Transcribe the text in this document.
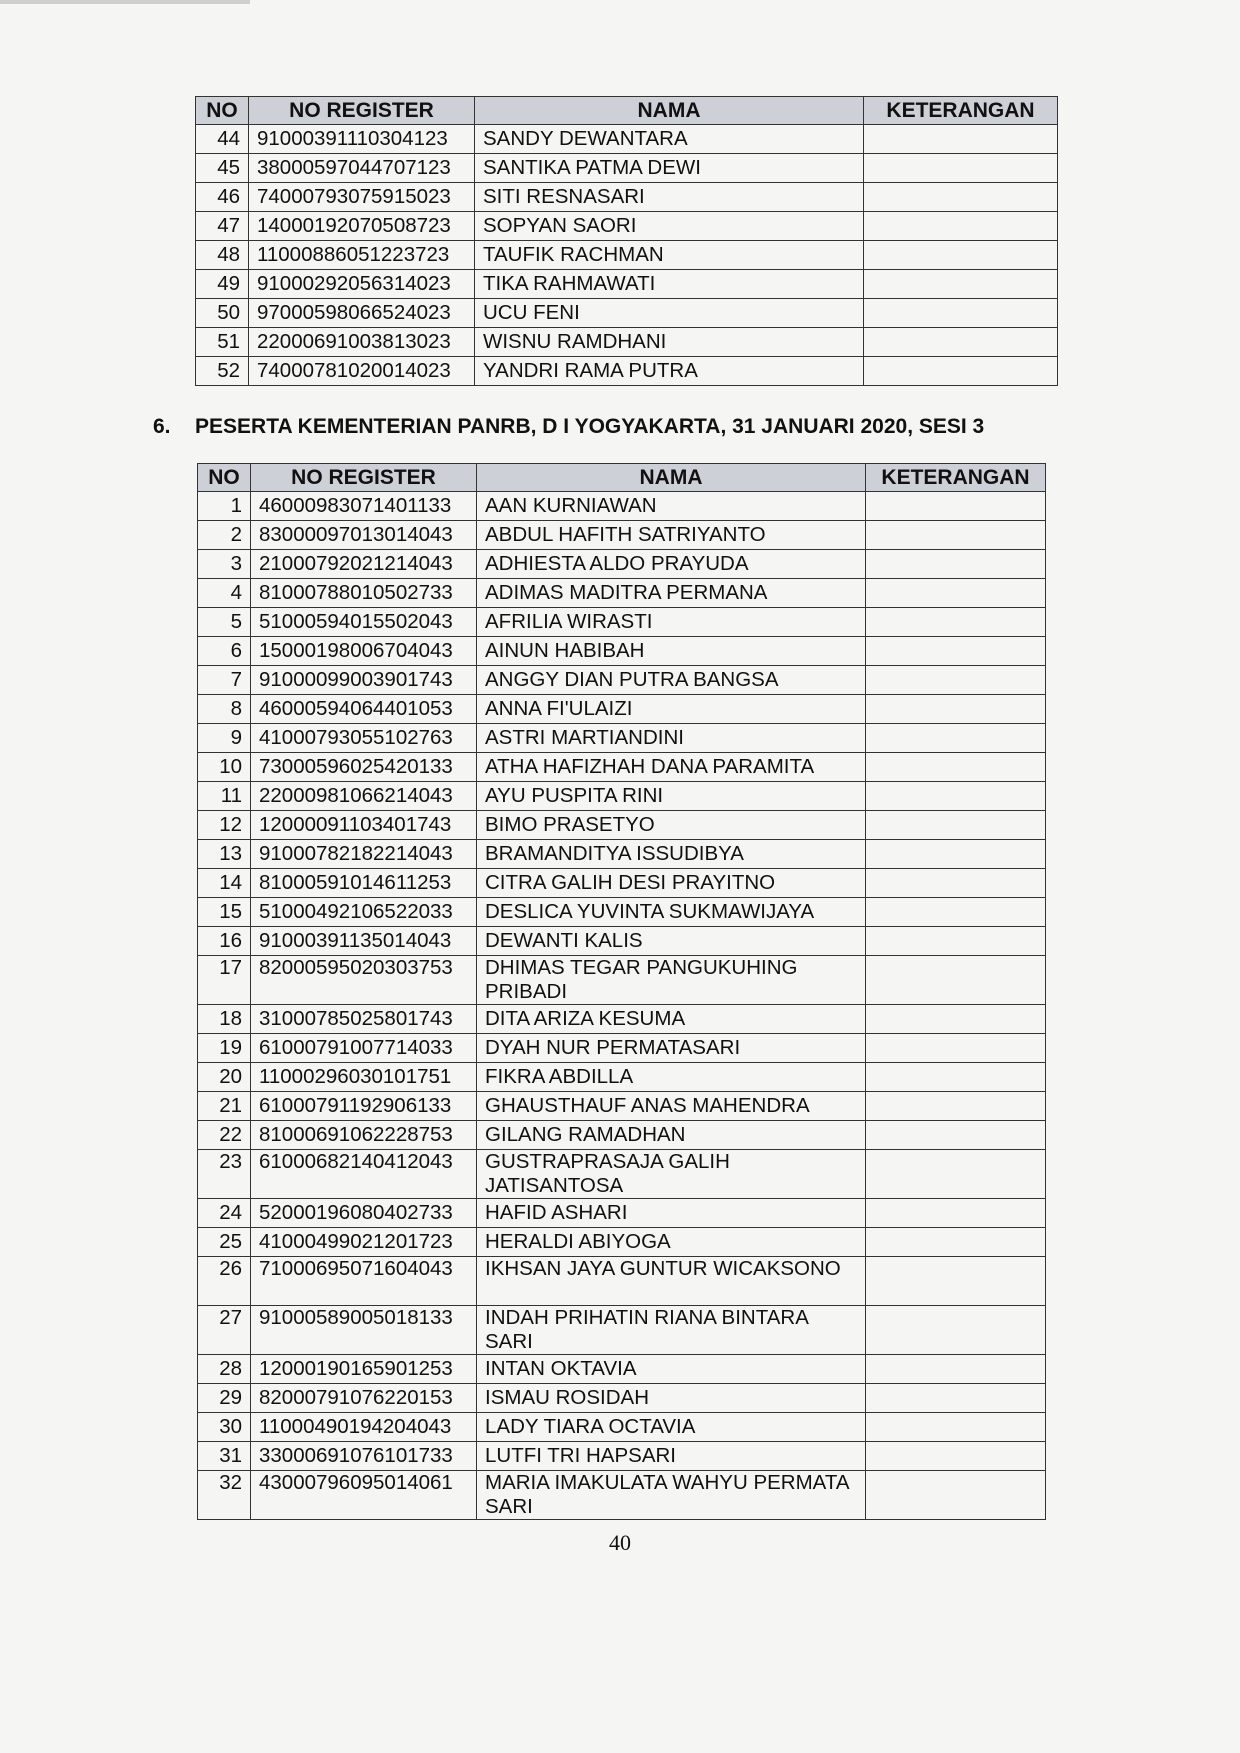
NO	NO REGISTER	NAMA	KETERANGAN
44	91000391110304123	SANDY DEWANTARA	
45	38000597044707123	SANTIKA PATMA DEWI	
46	74000793075915023	SITI RESNASARI	
47	14000192070508723	SOPYAN SAORI	
48	11000886051223723	TAUFIK RACHMAN	
49	91000292056314023	TIKA RAHMAWATI	
50	97000598066524023	UCU FENI	
51	22000691003813023	WISNU RAMDHANI	
52	74000781020014023	YANDRI RAMA PUTRA	
6. PESERTA KEMENTERIAN PANRB, D I YOGYAKARTA, 31 JANUARI 2020, SESI 3
NO	NO REGISTER	NAMA	KETERANGAN
1	46000983071401133	AAN KURNIAWAN	
2	83000097013014043	ABDUL HAFITH SATRIYANTO	
3	21000792021214043	ADHIESTA ALDO PRAYUDA	
4	81000788010502733	ADIMAS MADITRA PERMANA	
5	51000594015502043	AFRILIA WIRASTI	
6	15000198006704043	AINUN HABIBAH	
7	91000099003901743	ANGGY DIAN PUTRA BANGSA	
8	46000594064401053	ANNA FI'ULAIZI	
9	41000793055102763	ASTRI MARTIANDINI	
10	73000596025420133	ATHA HAFIZHAH DANA PARAMITA	
11	22000981066214043	AYU PUSPITA RINI	
12	12000091103401743	BIMO PRASETYO	
13	91000782182214043	BRAMANDITYA ISSUDIBYA	
14	81000591014611253	CITRA GALIH DESI PRAYITNO	
15	51000492106522033	DESLICA YUVINTA SUKMAWIJAYA	
16	91000391135014043	DEWANTI KALIS	
17	82000595020303753	DHIMAS TEGAR PANGUKUHING PRIBADI	
18	31000785025801743	DITA ARIZA KESUMA	
19	61000791007714033	DYAH NUR PERMATASARI	
20	11000296030101751	FIKRA ABDILLA	
21	61000791192906133	GHAUSTHAUF ANAS MAHENDRA	
22	81000691062228753	GILANG RAMADHAN	
23	61000682140412043	GUSTRAPRASAJA GALIH JATISANTOSA	
24	52000196080402733	HAFID ASHARI	
25	41000499021201723	HERALDI ABIYOGA	
26	71000695071604043	IKHSAN JAYA GUNTUR WICAKSONO	
27	91000589005018133	INDAH PRIHATIN RIANA BINTARA SARI	
28	12000190165901253	INTAN OKTAVIA	
29	82000791076220153	ISMAU ROSIDAH	
30	11000490194204043	LADY TIARA OCTAVIA	
31	33000691076101733	LUTFI TRI HAPSARI	
32	43000796095014061	MARIA IMAKULATA WAHYU PERMATA SARI	
40
